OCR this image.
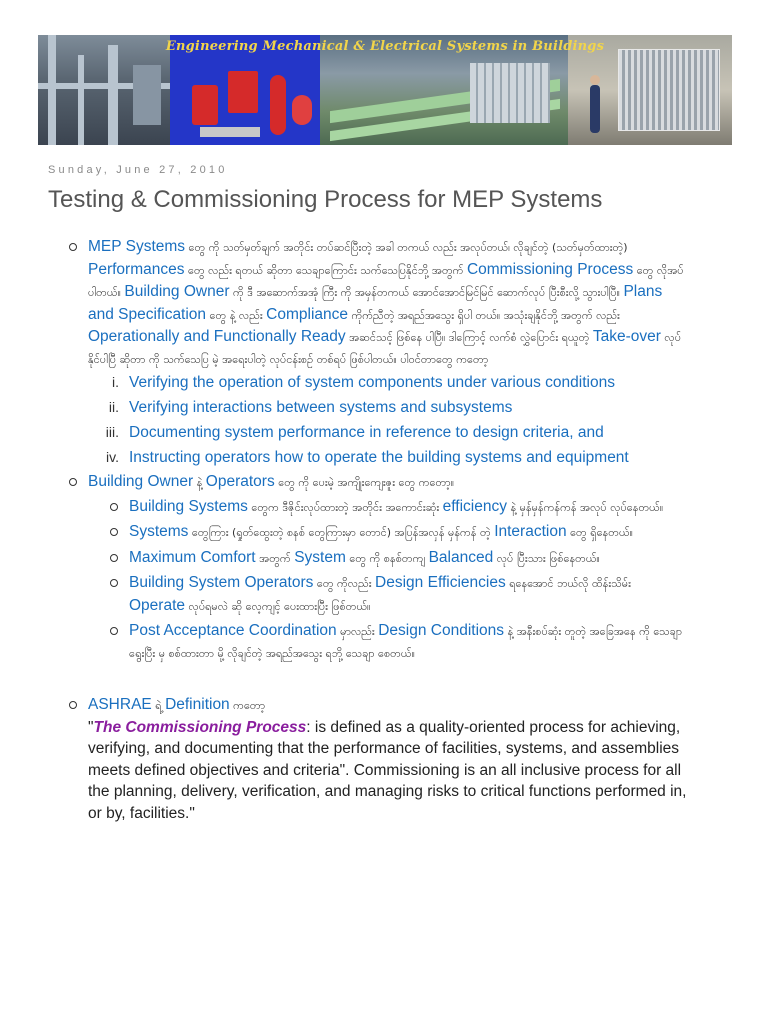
Engineering Mechanical & Electrical Systems in Buildings
Sunday, June 27, 2010
Testing & Commissioning Process for MEP Systems
MEP Systems တွေ ကို သတ်မှတ်ချက် အတိုင်း တပ်ဆင်ပြီးတဲ့ အခါ တကယ် လည်း အလုပ်တယ်၊ လိုချင်တဲ့ (သတ်မှတ်ထားတဲ့) Performances တွေ လည်း ရတယ် ဆိုတာ သေချာကြောင်း သက်သေပြနိုင်ဘို့ အတွက် Commissioning Process တွေ လိုအပ်ပါတယ်။ Building Owner ကို ဒီ အဆောက်အအုံ ကြီး ကို အမှန်တကယ် အောင်အောင်မြင်မြင် ဆောက်လုပ် ပြီးစီးလို့ သွားပါပြီ။ Plans and Specification တွေ နဲ့ လည်း Compliance ကိုက်ညီတဲ့ အရည်အသွေး ရှိပါ တယ်။ အသုံးချနိုင်ဘို့ အတွက် လည်း Operationally and Functionally Ready အဆင်သင့် ဖြစ်နေ ပါပြီ။ ဒါကြောင့် လက်စံ လွှဲပြောင်း ရယူတဲ့ Take-over လုပ်နိုင်ပါပြီ ဆိုတာ ကို သက်သေပြ မဲ့ အရေးပါတဲ့ လုပ်ငန်းစဉ် တစ်ရပ် ဖြစ်ပါတယ်။ ပါဝင်တာတွေ ကတော့
i. Verifying the operation of system components under various conditions
ii. Verifying interactions between systems and subsystems
iii. Documenting system performance in reference to design criteria, and
iv. Instructing operators how to operate the building systems and equipment
Building Owner နဲ့ Operators တွေ ကို ပေးမဲ့ အကျိုးကျေးဇူး တွေ ကတော့။
Building Systems တွေက ဒီဇိုင်းလုပ်ထားတဲ့ အတိုင်း အကောင်းဆုံး efficiency နဲ့ မှန်မှန်ကန်ကန် အလုပ် လုပ်နေတယ်။
Systems တွေကြား (ရှုတ်ထွေးတဲ့ စနစ် တွေကြားမှာ တောင်) အပြန်အလှန် မှန်ကန် တဲ့ Interaction တွေ ရှိနေတယ်။
Maximum Comfort အတွက် System တွေ ကို စနစ်တကျ Balanced လုပ် ပြီးသား ဖြစ်နေတယ်။
Building System Operators တွေ ကိုလည်း Design Efficiencies ရနေအောင် ဘယ်လို ထိန်းသိမ်း Operate လုပ်ရမလဲ ဆို လေ့ကျင့် ပေးထားပြီး ဖြစ်တယ်။
Post Acceptance Coordination မှာလည်း Design Conditions နဲ့ အနီးစပ်ဆုံး တူတဲ့ အခြေအနေ ကို သေချာ ရွေးပြီး မှ စစ်ထားတာ မို့ လိုချင်တဲ့ အရည်အသွေး ရဘို့ သေချာ စေတယ်။
ASHRAE ရဲ့ Definition ကတော့
"The Commissioning Process: is defined as a quality-oriented process for achieving, verifying, and documenting that the performance of facilities, systems, and assemblies meets defined objectives and criteria". Commissioning is an all inclusive process for all the planning, delivery, verification, and managing risks to critical functions performed in, or by, facilities."
